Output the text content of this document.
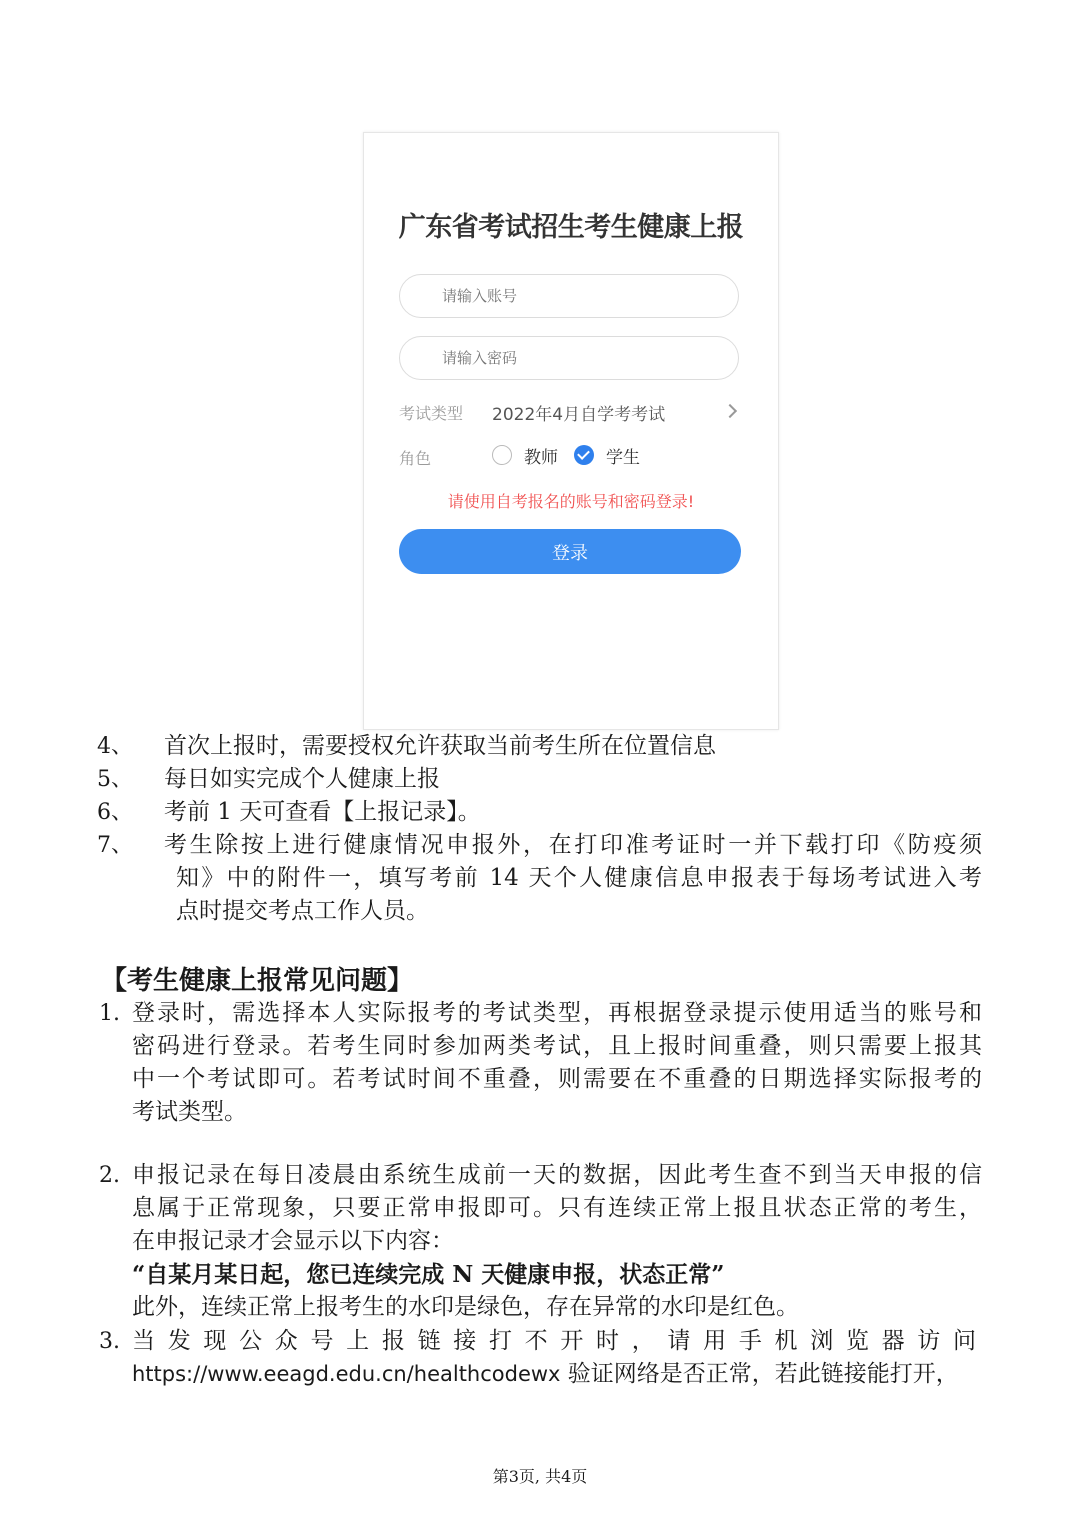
广东省考试招生考生健康上报
请输入账号
考试类型 2022年4月自学考考试
角色	教师	学生
请使用自考报名的账号和密码登录!
登录
4、 首次上报时，需要授权允许获取当前考生所在位置信息
5、 每日如实完成个人健康上报
6、 考前 1 天可查看【上报记录】。
7、 考生除按上进行健康情况申报外，在打印准考证时一并下载打印《防疫须
知》中的附件一，填写考前 14 天个人健康信息申报表于每场考试进入考
点时提交考点工作人员。
【考生健康上报常见问题】
1. 登录时，需选择本人实际报考的考试类型，再根据登录提示使用适当的账号和
密码进行登录。若考生同时参加两类考试，且上报时间重叠，则只需要上报其
中一个考试即可。若考试时间不重叠，则需要在不重叠的日期选择实际报考的
考试类型。
2. 申报记录在每日凌晨由系统生成前一天的数据，因此考生查不到当天申报的信
息属于正常现象，只要正常申报即可。只有连续正常上报且状态正常的考生，
在申报记录才会显示以下内容：
“自某月某日起，您已连续完成 N 天健康申报，状态正常”
此外，连续正常上报考生的水印是绿色，存在异常的水印是红色。
3. 当发现公众号上报链接打不开时，请用手机浏览器访问
https://www.eeagd.edu.cn/healthcodewx 验证网络是否正常，若此链接能打开，
第3页, 共4页
